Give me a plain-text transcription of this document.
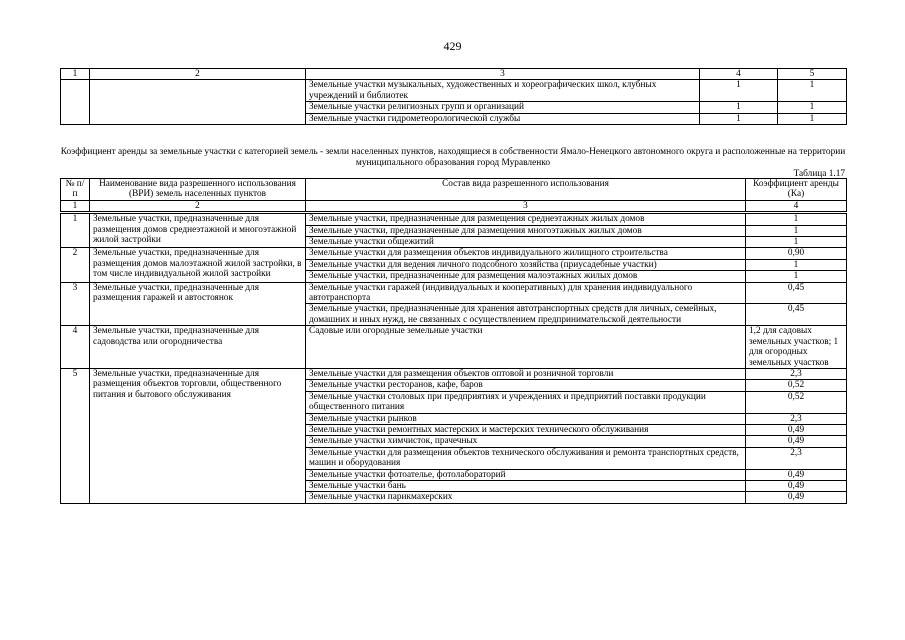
429
1	2	3	4	5
		Земельные участки музыкальных, художественных и хореографических школ, клубных учреждений и библиотек	1	1
		Земельные участки религиозных групп и организаций	1	1
		Земельные участки гидрометеорологической службы	1	1
Коэффициент аренды за земельные участки с категорией земель - земли населенных пунктов, находящиеся в собственности Ямало-Ненецкого автономного округа и расположенные на территории муниципального образования город Муравленко
Таблица 1.17
№ п/п	Наименование вида разрешенного использования (ВРИ) земель населенных пунктов	Состав вида разрешенного использования	Коэффициент аренды (Ка)
1	2	3	4
1	Земельные участки, предназначенные для размещения домов среднеэтажной и многоэтажной жилой застройки	Земельные участки, предназначенные для размещения среднеэтажных жилых домов	1
		Земельные участки, предназначенные для размещения многоэтажных жилых домов	1
		Земельные участки общежитий	1
2	Земельные участки, предназначенные для размещения домов малоэтажной жилой застройки, в том числе индивидуальной жилой застройки	Земельные участки для размещения объектов индивидуального жилищного строительства	0,90
		Земельные участки для ведения личного подсобного хозяйства (приусадебные участки)	1
		Земельные участки, предназначенные для размещения малоэтажных жилых домов	1
3	Земельные участки, предназначенные для размещения гаражей и автостоянок	Земельные участки гаражей (индивидуальных и кооперативных) для хранения индивидуального автотранспорта	0,45
		Земельные участки, предназначенные для хранения автотранспортных средств для личных, семейных, домашних и иных нужд, не связанных с осуществлением предпринимательской деятельности	0,45
4	Земельные участки, предназначенные для садоводства или огородничества	Садовые или огородные земельные участки	1,2 для садовых земельных участков; 1 для огородных земельных участков
5	Земельные участки, предназначенные для размещения объектов торговли, общественного питания и бытового обслуживания	Земельные участки для размещения объектов оптовой и розничной торговли	2,3
		Земельные участки ресторанов, кафе, баров	0,52
		Земельные участки столовых при предприятиях и учреждениях и предприятий поставки продукции общественного питания	0,52
		Земельные участки рынков	2,3
		Земельные участки ремонтных мастерских и мастерских технического обслуживания	0,49
		Земельные участки химчисток, прачечных	0,49
		Земельные участки для размещения объектов технического обслуживания и ремонта транспортных средств, машин и оборудования	2,3
		Земельные участки фотоателье, фотолабораторий	0,49
		Земельные участки бань	0,49
		Земельные участки парикмахерских	0,49
